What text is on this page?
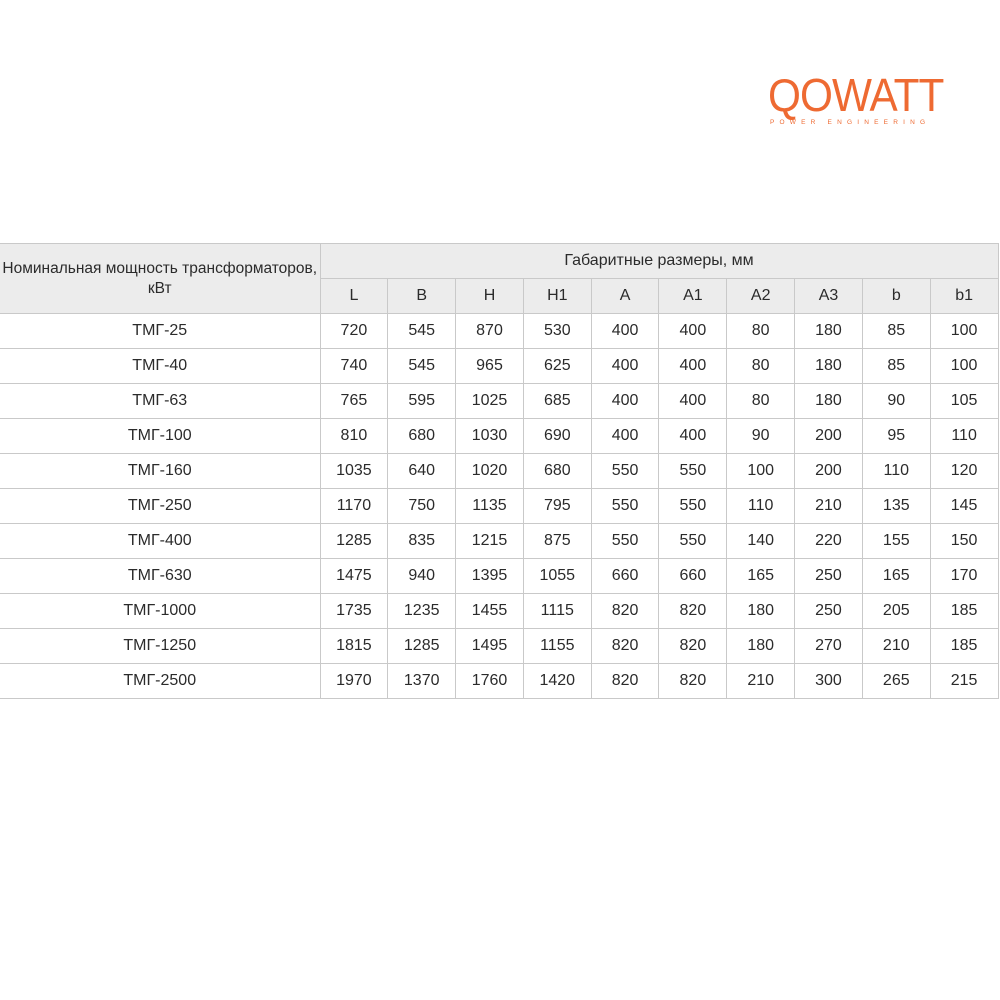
QOWATT
POWER ENGINEERING
Номинальная мощность трансформаторов, кВт	Габаритные размеры, мм									
	L	B	H	H1	A	A1	A2	A3	b	b1
ТМГ-25	720	545	870	530	400	400	80	180	85	100
ТМГ-40	740	545	965	625	400	400	80	180	85	100
ТМГ-63	765	595	1025	685	400	400	80	180	90	105
ТМГ-100	810	680	1030	690	400	400	90	200	95	110
ТМГ-160	1035	640	1020	680	550	550	100	200	110	120
ТМГ-250	1170	750	1135	795	550	550	110	210	135	145
ТМГ-400	1285	835	1215	875	550	550	140	220	155	150
ТМГ-630	1475	940	1395	1055	660	660	165	250	165	170
ТМГ-1000	1735	1235	1455	1115	820	820	180	250	205	185
ТМГ-1250	1815	1285	1495	1155	820	820	180	270	210	185
ТМГ-2500	1970	1370	1760	1420	820	820	210	300	265	215
